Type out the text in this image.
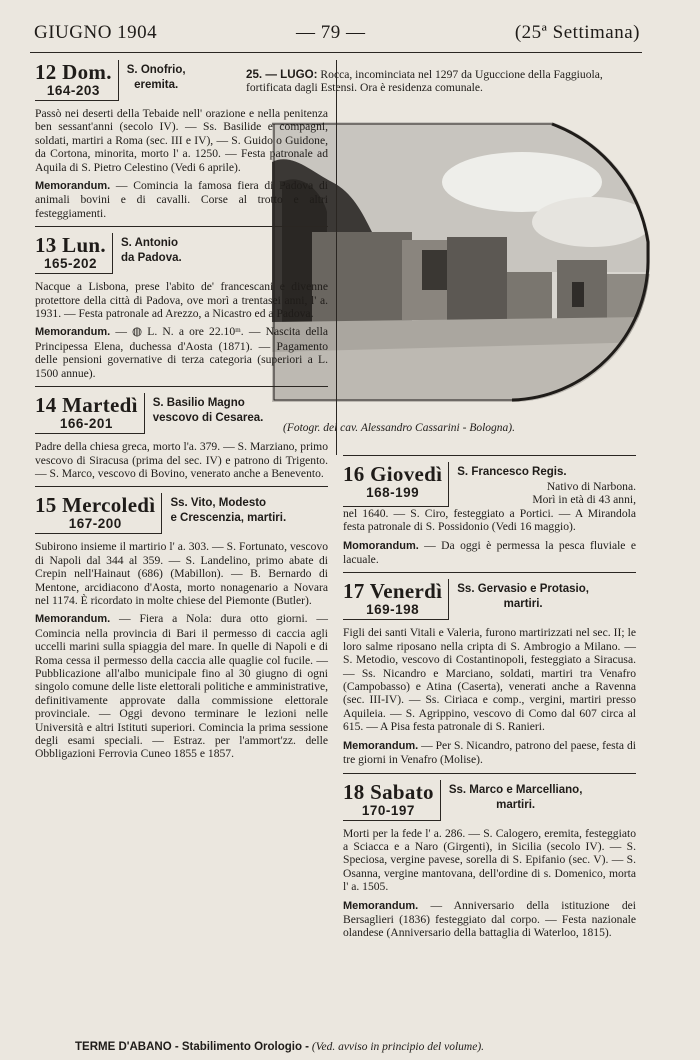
GIUGNO 1904	— 79 —	(25ª Settimana)
25. — LUGO: Rocca, incominciata nel 1297 da Uguccione della Faggiuola, fortificata dagli Estensi. Ora è residenza comunale.
(Fotogr. del cav. Alessandro Cassarini - Bologna).
12 Dom.
164-203
S. Onofrio,
eremita.

Passò nei deserti della Tebaide nell' orazione e nella penitenza ben sessant'anni (secolo IV). — Ss. Basilide e compagni, soldati, martiri a Roma (sec. III e IV), — S. Guido o Guidone, da Cortona, minorita, morto l' a. 1250. — Festa patronale ad Aquila di S. Pietro Celestino (Vedi 6 aprile).

Memorandum. — Comincia la famosa fiera di Padova di animali bovini e di cavalli. Corse al trotto e altri festeggiamenti.

13 Lun.
165-202
S. Antonio
da Padova.

Nacque a Lisbona, prese l'abito de' francescani e divenne protettore della città di Padova, ove morì a trentasei anni, l' a. 1931. — Festa patronale ad Arezzo, a Nicastro ed a Padova.

Memorandum. — ◍ L. N. a ore 22.10ᵐ. — Nascita della Principessa Elena, duchessa d'Aosta (1871). — Pagamento delle pensioni governative di terza categoria (superiori a L. 1500 annue).

14 Martedì
166-201
S. Basilio Magno
vescovo di Cesarea.

Padre della chiesa greca, morto l'a. 379. — S. Marziano, primo vescovo di Siracusa (prima del sec. IV) e patrono di Trigento. — S. Marco, vescovo di Bovino, venerato anche a Benevento.

15 Mercoledì
167-200
Ss. Vito, Modesto
e Crescenzia, martiri.

Subirono insieme il martirio l' a. 303. — S. Fortunato, vescovo di Napoli dal 344 al 359. — S. Landelino, primo abate di Crepin nell'Hainaut (686) (Mabillon). — B. Bernardo di Mentone, arcidiacono d'Aosta, morto nonagenario a Novara nel 1174. È ricordato in molte chiese del Piemonte (Butler).

Memorandum. — Fiera a Nola: dura otto giorni. — Comincia nella provincia di Bari il permesso di caccia agli uccelli marini sulla spiaggia del mare. In quelle di Napoli e di Roma cessa il permesso della caccia alle quaglie col fucile. — Pubblicazione all'albo municipale fino al 30 giugno di ogni singolo comune delle liste elettorali politiche e amministrative, definitivamente approvate dalla commissione elettorale provinciale. — Oggi devono terminare le lezioni nelle Università e altri Istituti superiori. Comincia la prima sessione degli esami speciali. — Estraz. per l'ammort'zz. delle Obbligazioni Ferrovia Cuneo 1855 e 1857.

16 Giovedì
168-199
S. Francesco Regis.
Nativo di Narbona.
Morì in età di 43 anni,

nel 1640. — S. Ciro, festeggiato a Portici. — A Mirandola festa patronale di S. Possidonio (Vedi 16 maggio).

Momorandum. — Da oggi è permessa la pesca fluviale e lacuale.

17 Venerdì
169-198
Ss. Gervasio e Protasio,
martiri.

Figli dei santi Vitali e Valeria, furono martirizzati nel sec. II; le loro salme riposano nella cripta di S. Ambrogio a Milano. — S. Metodio, vescovo di Costantinopoli, festeggiato a Siracusa. — Ss. Nicandro e Marciano, soldati, martiri tra Venafro (Campobasso) e Atina (Caserta), venerati anche a Ravenna (sec. III-IV). — Ss. Ciriaca e comp., vergini, martiri presso Aquileia. — S. Agrippino, vescovo di Como dal 607 circa al 615. — A Pisa festa patronale di S. Ranieri.

Memorandum. — Per S. Nicandro, patrono del paese, festa di tre giorni in Venafro (Molise).

18 Sabato
170-197
Ss. Marco e Marcelliano,
martiri.

Morti per la fede l' a. 286. — S. Calogero, eremita, festeggiato a Sciacca e a Naro (Girgenti), in Sicilia (secolo IV). — S. Speciosa, vergine pavese, sorella di S. Epifanio (sec. V). — S. Osanna, vergine mantovana, dell'ordine di s. Domenico, morta l' a. 1505.

Memorandum. — Anniversario della istituzione dei Bersaglieri (1836) festeggiato dal corpo. — Festa nazionale olandese (Anniversario della battaglia di Waterloo, 1815).

TERME D'ABANO - Stabilimento Orologio - (Ved. avviso in principio del volume).
